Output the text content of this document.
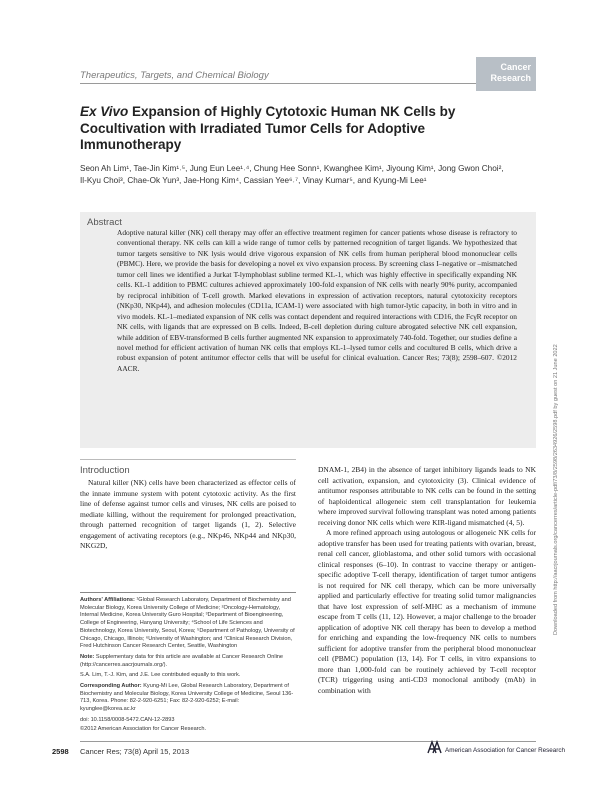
Therapeutics, Targets, and Chemical Biology
Cancer
Research
Ex Vivo Expansion of Highly Cytotoxic Human NK Cells by Cocultivation with Irradiated Tumor Cells for Adoptive Immunotherapy
Seon Ah Lim¹, Tae-Jin Kim¹˒⁵, Jung Eun Lee¹˒⁴, Chung Hee Sonn¹, Kwanghee Kim¹, Jiyoung Kim¹, Jong Gwon Choi², Il-Kyu Choi³, Chae-Ok Yun³, Jae-Hong Kim⁴, Cassian Yee⁶˒⁷, Vinay Kumar⁵, and Kyung-Mi Lee¹
Abstract
Adoptive natural killer (NK) cell therapy may offer an effective treatment regimen for cancer patients whose disease is refractory to conventional therapy. NK cells can kill a wide range of tumor cells by patterned recognition of target ligands. We hypothesized that tumor targets sensitive to NK lysis would drive vigorous expansion of NK cells from human peripheral blood mononuclear cells (PBMC). Here, we provide the basis for developing a novel ex vivo expansion process. By screening class I–negative or –mismatched tumor cell lines we identified a Jurkat T-lymphoblast subline termed KL-1, which was highly effective in specifically expanding NK cells. KL-1 addition to PBMC cultures achieved approximately 100-fold expansion of NK cells with nearly 90% purity, accompanied by reciprocal inhibition of T-cell growth. Marked elevations in expression of activation receptors, natural cytotoxicity receptors (NKp30, NKp44), and adhesion molecules (CD11a, ICAM-1) were associated with high tumor-lytic capacity, in both in vitro and in vivo models. KL-1–mediated expansion of NK cells was contact dependent and required interactions with CD16, the FcγR receptor on NK cells, with ligands that are expressed on B cells. Indeed, B-cell depletion during culture abrogated selective NK cell expansion, while addition of EBV-transformed B cells further augmented NK expansion to approximately 740-fold. Together, our studies define a novel method for efficient activation of human NK cells that employs KL-1–lysed tumor cells and cocultured B cells, which drive a robust expansion of potent antitumor effector cells that will be useful for clinical evaluation. Cancer Res; 73(8); 2598–607. ©2012 AACR.	Downloaded from http://aacrjournals.org/cancerres/article-pdf/73/8/2598/2634926/2598.pdf by guest on 21 June 2022
Introduction
Natural killer (NK) cells have been characterized as effector cells of the innate immune system with potent cytotoxic activity. As the first line of defense against tumor cells and viruses, NK cells are poised to mediate killing, without the requirement for prolonged preactivation, through patterned recognition of target ligands (1, 2). Selective engagement of activating receptors (e.g., NKp46, NKp44 and NKp30, NKG2D,

Authors' Affiliations: ¹Global Research Laboratory, Department of Biochemistry and Molecular Biology, Korea University College of Medicine; ²Oncology-Hematology, Internal Medicine, Korea University Guro Hospital; ³Department of Bioengineering, College of Engineering, Hanyang University; ⁴School of Life Sciences and Biotechnology, Korea University, Seoul, Korea; ⁵Department of Pathology, University of Chicago, Chicago, Illinois; ⁶University of Washington; and ⁷Clinical Research Division, Fred Hutchinson Cancer Research Center, Seattle, Washington

Note: Supplementary data for this article are available at Cancer Research Online (http://cancerres.aacrjournals.org/).

S.A. Lim, T.-J. Kim, and J.E. Lee contributed equally to this work.

Corresponding Author: Kyung-Mi Lee, Global Research Laboratory, Department of Biochemistry and Molecular Biology, Korea University College of Medicine, Seoul 136-713, Korea. Phone: 82-2-920-6251; Fax: 82-2-920-6252; E-mail: kyunglee@korea.ac.kr

doi: 10.1158/0008-5472.CAN-12-2893

©2012 American Association for Cancer Research.

DNAM-1, 2B4) in the absence of target inhibitory ligands leads to NK cell activation, expansion, and cytotoxicity (3). Clinical evidence of antitumor responses attributable to NK cells can be found in the setting of haploidentical allogeneic stem cell transplantation for leukemia where improved survival following transplant was noted among patients receiving donor NK cells which were KIR-ligand mismatched (4, 5).

A more refined approach using autologous or allogeneic NK cells for adoptive transfer has been used for treating patients with ovarian, breast, renal cell cancer, glioblastoma, and other solid tumors with occasional clinical responses (6–10). In contrast to vaccine therapy or antigen-specific adoptive T-cell therapy, identification of target tumor antigens is not required for NK cell therapy, which can be more universally applied and particularly effective for treating solid tumor malignancies that have lost expression of self-MHC as a mechanism of immune escape from T cells (11, 12). However, a major challenge to the broader application of adoptive NK cell therapy has been to develop a method for enriching and expanding the low-frequency NK cells to numbers sufficient for adoptive transfer from the peripheral blood mononuclear cell (PBMC) population (13, 14). For T cells, in vitro expansions to more than 1,000-fold can be routinely achieved by T-cell receptor (TCR) triggering using anti-CD3 monoclonal antibody (mAb) in combination with

2598 Cancer Res; 73(8) April 15, 2013	American Association for Cancer Research
